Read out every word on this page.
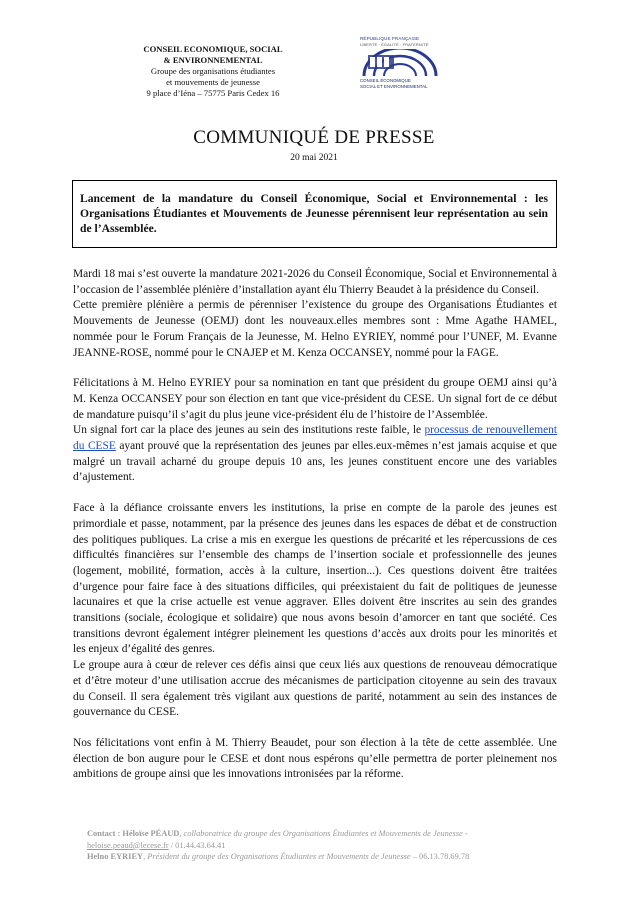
CONSEIL ECONOMIQUE, SOCIAL
& ENVIRONNEMENTAL
Groupe des organisations étudiantes
et mouvements de jeunesse
9 place d’Iéna – 75775 Paris Cedex 16
RÉPUBLIQUE FRANÇAISE
LIBERTÉ · ÉGALITÉ · FRATERNITÉ
CONSEIL ÉCONOMIQUE
SOCIAL ET ENVIRONNEMENTAL
COMMUNIQUÉ DE PRESSE
20 mai 2021
Lancement de la mandature du Conseil Économique, Social et Environnemental : les Organisations Étudiantes et Mouvements de Jeunesse pérennisent leur représentation au sein de l’Assemblée.

Mardi 18 mai s’est ouverte la mandature 2021-2026 du Conseil Économique, Social et Environnemental à l’occasion de l’assemblée plénière d’installation ayant élu Thierry Beaudet à la présidence du Conseil.

Cette première plénière a permis de pérenniser l’existence du groupe des Organisations Étudiantes et Mouvements de Jeunesse (OEMJ) dont les nouveaux.elles membres sont : Mme Agathe HAMEL, nommée pour le Forum Français de la Jeunesse, M. Helno EYRIEY, nommé pour l’UNEF, M. Evanne JEANNE-ROSE, nommé pour le CNAJEP et M. Kenza OCCANSEY, nommé pour la FAGE.

Félicitations à M. Helno EYRIEY pour sa nomination en tant que président du groupe OEMJ ainsi qu’à M. Kenza OCCANSEY pour son élection en tant que vice-président du CESE. Un signal fort de ce début de mandature puisqu’il s’agit du plus jeune vice-président élu de l’histoire de l’Assemblée.

Un signal fort car la place des jeunes au sein des institutions reste faible, le processus de renouvellement du CESE ayant prouvé que la représentation des jeunes par elles.eux-mêmes n’est jamais acquise et que malgré un travail acharné du groupe depuis 10 ans, les jeunes constituent encore une des variables d’ajustement.

Face à la défiance croissante envers les institutions, la prise en compte de la parole des jeunes est primordiale et passe, notamment, par la présence des jeunes dans les espaces de débat et de construction des politiques publiques. La crise a mis en exergue les questions de précarité et les répercussions de ces difficultés financières sur l’ensemble des champs de l’insertion sociale et professionnelle des jeunes (logement, mobilité, formation, accès à la culture, insertion...). Ces questions doivent être traitées d’urgence pour faire face à des situations difficiles, qui préexistaient du fait de politiques de jeunesse lacunaires et que la crise actuelle est venue aggraver. Elles doivent être inscrites au sein des grandes transitions (sociale, écologique et solidaire) que nous avons besoin d’amorcer en tant que société. Ces transitions devront également intégrer pleinement les questions d’accès aux droits pour les minorités et les enjeux d’égalité des genres.

Le groupe aura à cœur de relever ces défis ainsi que ceux liés aux questions de renouveau démocratique et d’être moteur d’une utilisation accrue des mécanismes de participation citoyenne au sein des travaux du Conseil. Il sera également très vigilant aux questions de parité, notamment au sein des instances de gouvernance du CESE.

Nos félicitations vont enfin à M. Thierry Beaudet, pour son élection à la tête de cette assemblée. Une élection de bon augure pour le CESE et dont nous espérons qu’elle permettra de porter pleinement nos ambitions de groupe ainsi que les innovations intronisées par la réforme.

Contact : Héloïse PÉAUD, collaboratrice du groupe des Organisations Étudiantes et Mouvements de Jeunesse -
heloise.peaud@lecese.fr / 01.44.43.64.41
Helno EYRIEY, Président du groupe des Organisations Étudiantes et Mouvements de Jeunesse – 06.13.78.69.78
